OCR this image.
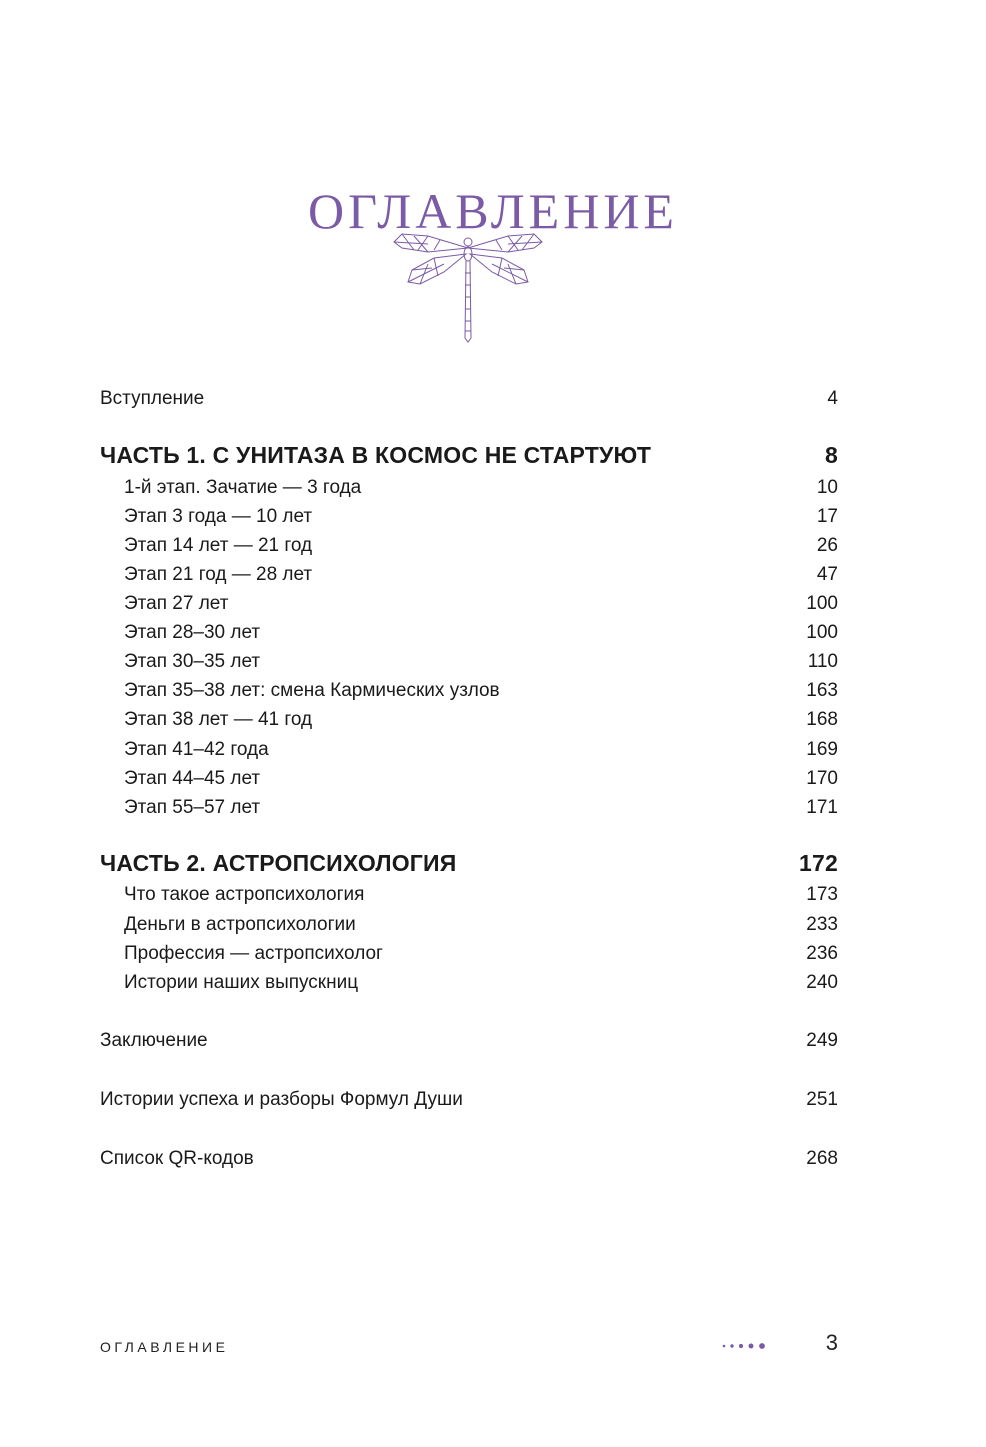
ОГЛАВЛЕНИЕ
Вступление	4
ЧАСТЬ 1. С УНИТАЗА В КОСМОС НЕ СТАРТУЮТ	8
1-й этап. Зачатие — 3 года	10
Этап 3 года — 10 лет	17
Этап 14 лет — 21 год	26
Этап 21 год — 28 лет	47
Этап 27 лет	100
Этап 28–30 лет	100
Этап 30–35 лет	110
Этап 35–38 лет: смена Кармических узлов	163
Этап 38 лет — 41 год	168
Этап 41–42 года	169
Этап 44–45 лет	170
Этап 55–57 лет	171
ЧАСТЬ 2. АСТРОПСИХОЛОГИЯ	172
Что такое астропсихология	173
Деньги в астропсихологии	233
Профессия — астропсихолог	236
Истории наших выпускниц	240
Заключение	249
Истории успеха и разборы Формул Души	251
Список QR-кодов	268
ОГЛАВЛЕНИЕ	3
